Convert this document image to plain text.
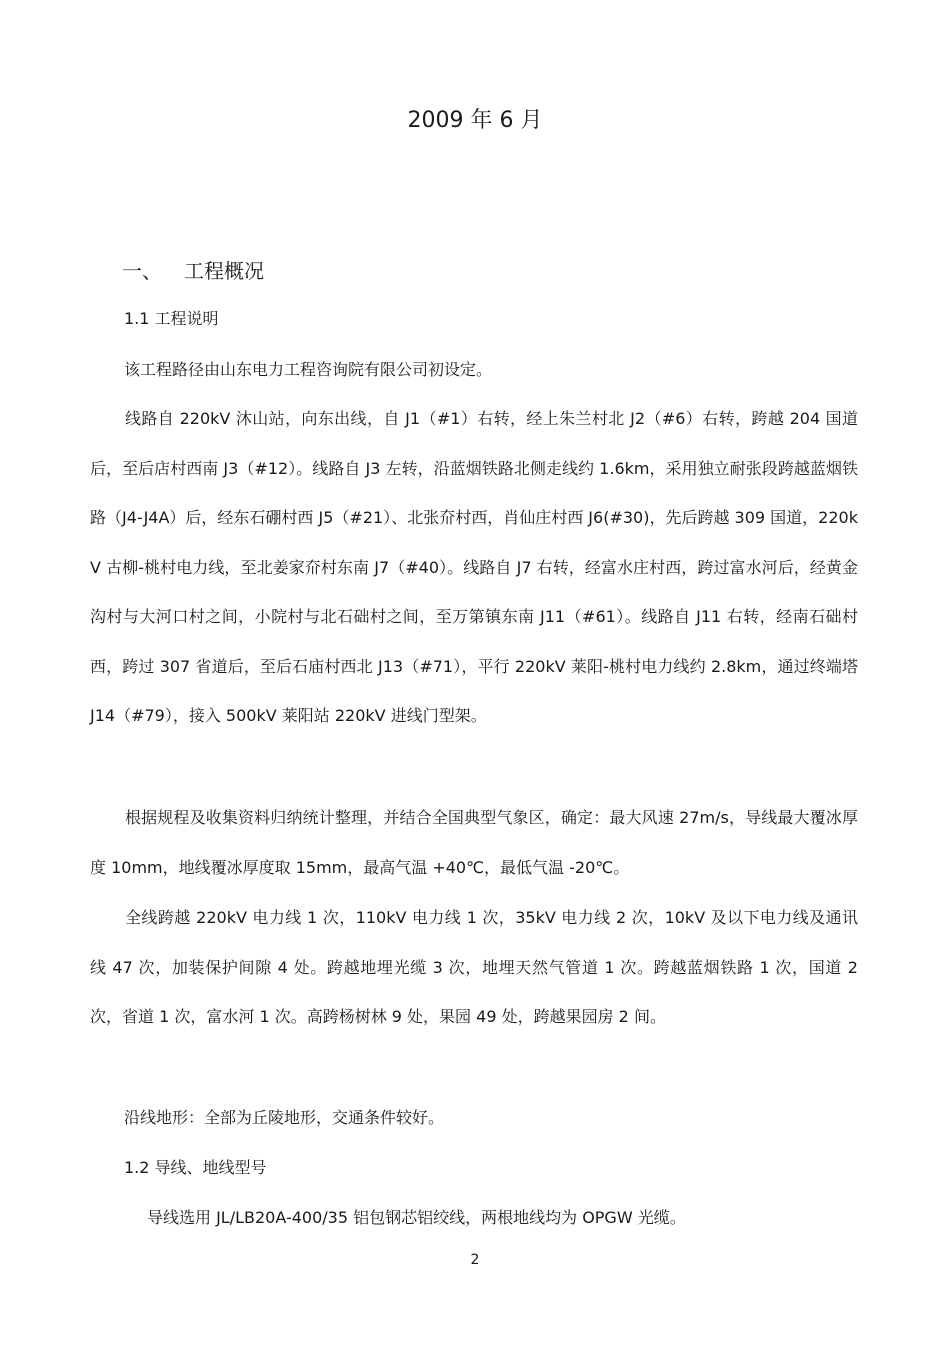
2009 年 6 月
一、 工程概况
1.1 工程说明
该工程路径由山东电力工程咨询院有限公司初设定。
线路自 220kV 沐山站，向东出线，自 J1（#1）右转，经上朱兰村北 J2（#6）右转，跨越 204 国道后，至后店村西南 J3（#12）。线路自 J3 左转，沿蓝烟铁路北侧走线约 1.6km，采用独立耐张段跨越蓝烟铁路（J4-J4A）后，经东石硼村西 J5（#21）、北张夼村西，肖仙庄村西 J6(#30)，先后跨越 309 国道，220kV 古柳-桃村电力线，至北姜家夼村东南 J7（#40）。线路自 J7 右转，经富水庄村西，跨过富水河后，经黄金沟村与大河口村之间，小院村与北石础村之间，至万第镇东南 J11（#61）。线路自 J11 右转，经南石础村西，跨过 307 省道后，至后石庙村西北 J13（#71），平行 220kV 莱阳-桃村电力线约 2.8km，通过终端塔 J14（#79），接入 500kV 莱阳站 220kV 进线门型架。
根据规程及收集资料归纳统计整理，并结合全国典型气象区，确定：最大风速 27m/s，导线最大覆冰厚度 10mm，地线覆冰厚度取 15mm，最高气温 +40℃，最低气温 -20℃。
全线跨越 220kV 电力线 1 次，110kV 电力线 1 次，35kV 电力线 2 次，10kV 及以下电力线及通讯线 47 次，加装保护间隙 4 处。跨越地埋光缆 3 次，地埋天然气管道 1 次。跨越蓝烟铁路 1 次，国道 2 次，省道 1 次，富水河 1 次。高跨杨树林 9 处，果园 49 处，跨越果园房 2 间。
沿线地形：全部为丘陵地形，交通条件较好。
1.2 导线、地线型号
导线选用 JL/LB20A-400/35 铝包钢芯铝绞线，两根地线均为 OPGW 光缆。
2
